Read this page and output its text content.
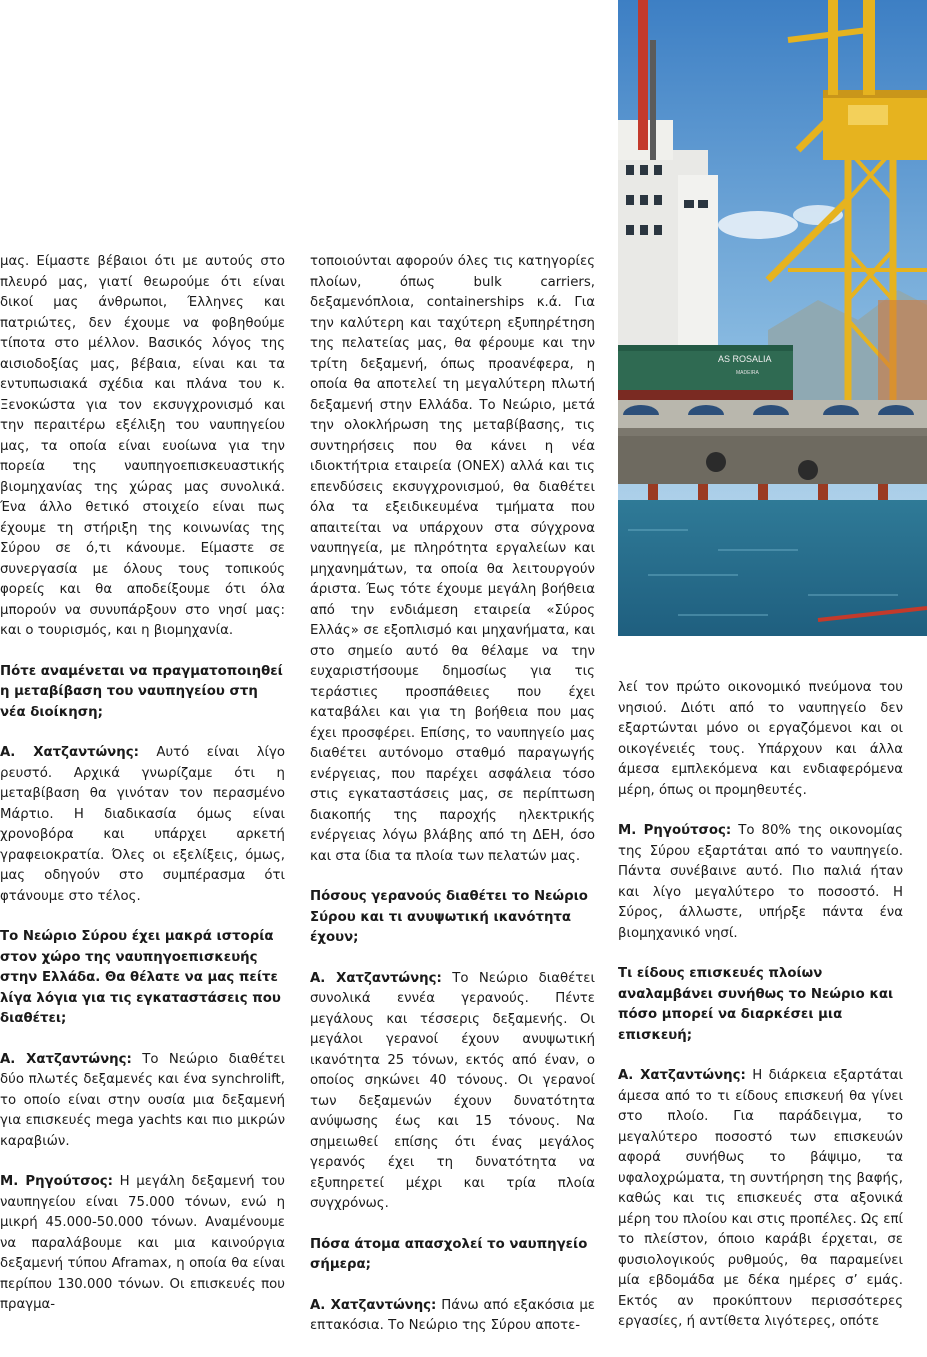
AS ROSALIA
MADEIRA

μας. Είμαστε βέβαιοι ότι με αυτούς στο πλευρό μας, γιατί θεωρούμε ότι είναι δικοί μας άνθρωποι, Έλληνες και πατριώτες, δεν έχουμε να φοβηθούμε τίποτα στο μέλλον. Βασικός λόγος της αισιοδοξίας μας, βέβαια, είναι και τα εντυπωσιακά σχέδια και πλάνα του κ. Ξενοκώστα για τον εκσυγχρονισμό και την περαιτέρω εξέλιξη του ναυπηγείου μας, τα οποία είναι ευοίωνα για την πορεία της ναυπηγοεπισκευαστικής βιομηχανίας της χώρας μας συνολικά. Ένα άλλο θετικό στοιχείο είναι πως έχουμε τη στήριξη της κοινωνίας της Σύρου σε ό,τι κάνουμε. Είμαστε σε συνεργασία με όλους τους τοπικούς φορείς και θα αποδείξουμε ότι όλα μπορούν να συνυπάρξουν στο νησί μας: και ο τουρισμός, και η βιομηχανία.

Πότε αναμένεται να πραγματοποιηθεί η μεταβίβαση του ναυπηγείου στη νέα διοίκηση;

Α. Χατζαντώνης: Αυτό είναι λίγο ρευστό. Αρχικά γνωρίζαμε ότι η μεταβίβαση θα γινόταν τον περασμένο Μάρτιο. Η διαδικασία όμως είναι χρονοβόρα και υπάρχει αρκετή γραφειοκρατία. Όλες οι εξελίξεις, όμως, μας οδηγούν στο συμπέρασμα ότι φτάνουμε στο τέλος.

Το Νεώριο Σύρου έχει μακρά ιστορία στον χώρο της ναυπηγοεπισκευής στην Ελλάδα. Θα θέλατε να μας πείτε λίγα λόγια για τις εγκαταστάσεις που διαθέτει;

Α. Χατζαντώνης: Το Νεώριο διαθέτει δύο πλωτές δεξαμενές και ένα synchrolift, το οποίο είναι στην ουσία μια δεξαμενή για επισκευές mega yachts και πιο μικρών καραβιών.

Μ. Ρηγούτσος: Η μεγάλη δεξαμενή του ναυπηγείου είναι 75.000 τόνων, ενώ η μικρή 45.000-50.000 τόνων. Αναμένουμε να παραλάβουμε και μια καινούργια δεξαμενή τύπου Aframax, η οποία θα είναι περίπου 130.000 τόνων. Οι επισκευές που πραγμα-

τοποιούνται αφορούν όλες τις κατηγορίες πλοίων, όπως bulk carriers, δεξαμενόπλοια, containerships κ.ά. Για την καλύτερη και ταχύτερη εξυπηρέτηση της πελατείας μας, θα φέρουμε και την τρίτη δεξαμενή, όπως προανέφερα, η οποία θα αποτελεί τη μεγαλύτερη πλωτή δεξαμενή στην Ελλάδα. Το Νεώριο, μετά την ολοκλήρωση της μεταβίβασης, τις συντηρήσεις που θα κάνει η νέα ιδιοκτήτρια εταιρεία (ONEX) αλλά και τις επενδύσεις εκσυγχρονισμού, θα διαθέτει όλα τα εξειδικευμένα τμήματα που απαιτείται να υπάρχουν στα σύγχρονα ναυπηγεία, με πληρότητα εργαλείων και μηχανημάτων, τα οποία θα λειτουργούν άριστα. Έως τότε έχουμε μεγάλη βοήθεια από την ενδιάμεση εταιρεία «Σύρος Ελλάς» σε εξοπλισμό και μηχανήματα, και στο σημείο αυτό θα θέλαμε να την ευχαριστήσουμε δημοσίως για τις τεράστιες προσπάθειες που έχει καταβάλει και για τη βοήθεια που μας έχει προσφέρει. Επίσης, το ναυπηγείο μας διαθέτει αυτόνομο σταθμό παραγωγής ενέργειας, που παρέχει ασφάλεια τόσο στις εγκαταστάσεις μας, σε περίπτωση διακοπής της παροχής ηλεκτρικής ενέργειας λόγω βλάβης από τη ΔΕΗ, όσο και στα ίδια τα πλοία των πελατών μας.

Πόσους γερανούς διαθέτει το Νεώριο Σύρου και τι ανυψωτική ικανότητα έχουν;

Α. Χατζαντώνης: Το Νεώριο διαθέτει συνολικά εννέα γερανούς. Πέντε μεγάλους και τέσσερις δεξαμενής. Οι μεγάλοι γερανοί έχουν ανυψωτική ικανότητα 25 τόνων, εκτός από έναν, ο οποίος σηκώνει 40 τόνους. Οι γερανοί των δεξαμενών έχουν δυνατότητα ανύψωσης έως και 15 τόνους. Να σημειωθεί επίσης ότι ένας μεγάλος γερανός έχει τη δυνατότητα να εξυπηρετεί μέχρι και τρία πλοία συγχρόνως.

Πόσα άτομα απασχολεί το ναυπηγείο σήμερα;

Α. Χατζαντώνης: Πάνω από εξακόσια με επτακόσια. Το Νεώριο της Σύρου αποτε-

λεί τον πρώτο οικονομικό πνεύμονα του νησιού. Διότι από το ναυπηγείο δεν εξαρτώνται μόνο οι εργαζόμενοι και οι οικογένειές τους. Υπάρχουν και άλλα άμεσα εμπλεκόμενα και ενδιαφερόμενα μέρη, όπως οι προμηθευτές.

Μ. Ρηγούτσος: Το 80% της οικονομίας της Σύρου εξαρτάται από το ναυπηγείο. Πάντα συνέβαινε αυτό. Πιο παλιά ήταν και λίγο μεγαλύτερο το ποσοστό. Η Σύρος, άλλωστε, υπήρξε πάντα ένα βιομηχανικό νησί.

Τι είδους επισκευές πλοίων αναλαμβάνει συνήθως το Νεώριο και πόσο μπορεί να διαρκέσει μια επισκευή;

Α. Χατζαντώνης: Η διάρκεια εξαρτάται άμεσα από το τι είδους επισκευή θα γίνει στο πλοίο. Για παράδειγμα, το μεγαλύτερο ποσοστό των επισκευών αφορά συνήθως το βάψιμο, τα υφαλοχρώματα, τη συντήρηση της βαφής, καθώς και τις επισκευές στα αξονικά μέρη του πλοίου και στις προπέλες. Ως επί το πλείστον, όποιο καράβι έρχεται, σε φυσιολογικούς ρυθμούς, θα παραμείνει μία εβδομάδα με δέκα ημέρες σ’ εμάς. Εκτός αν προκύπτουν περισσότερες εργασίες, ή αντίθετα λιγότερες, οπότε
